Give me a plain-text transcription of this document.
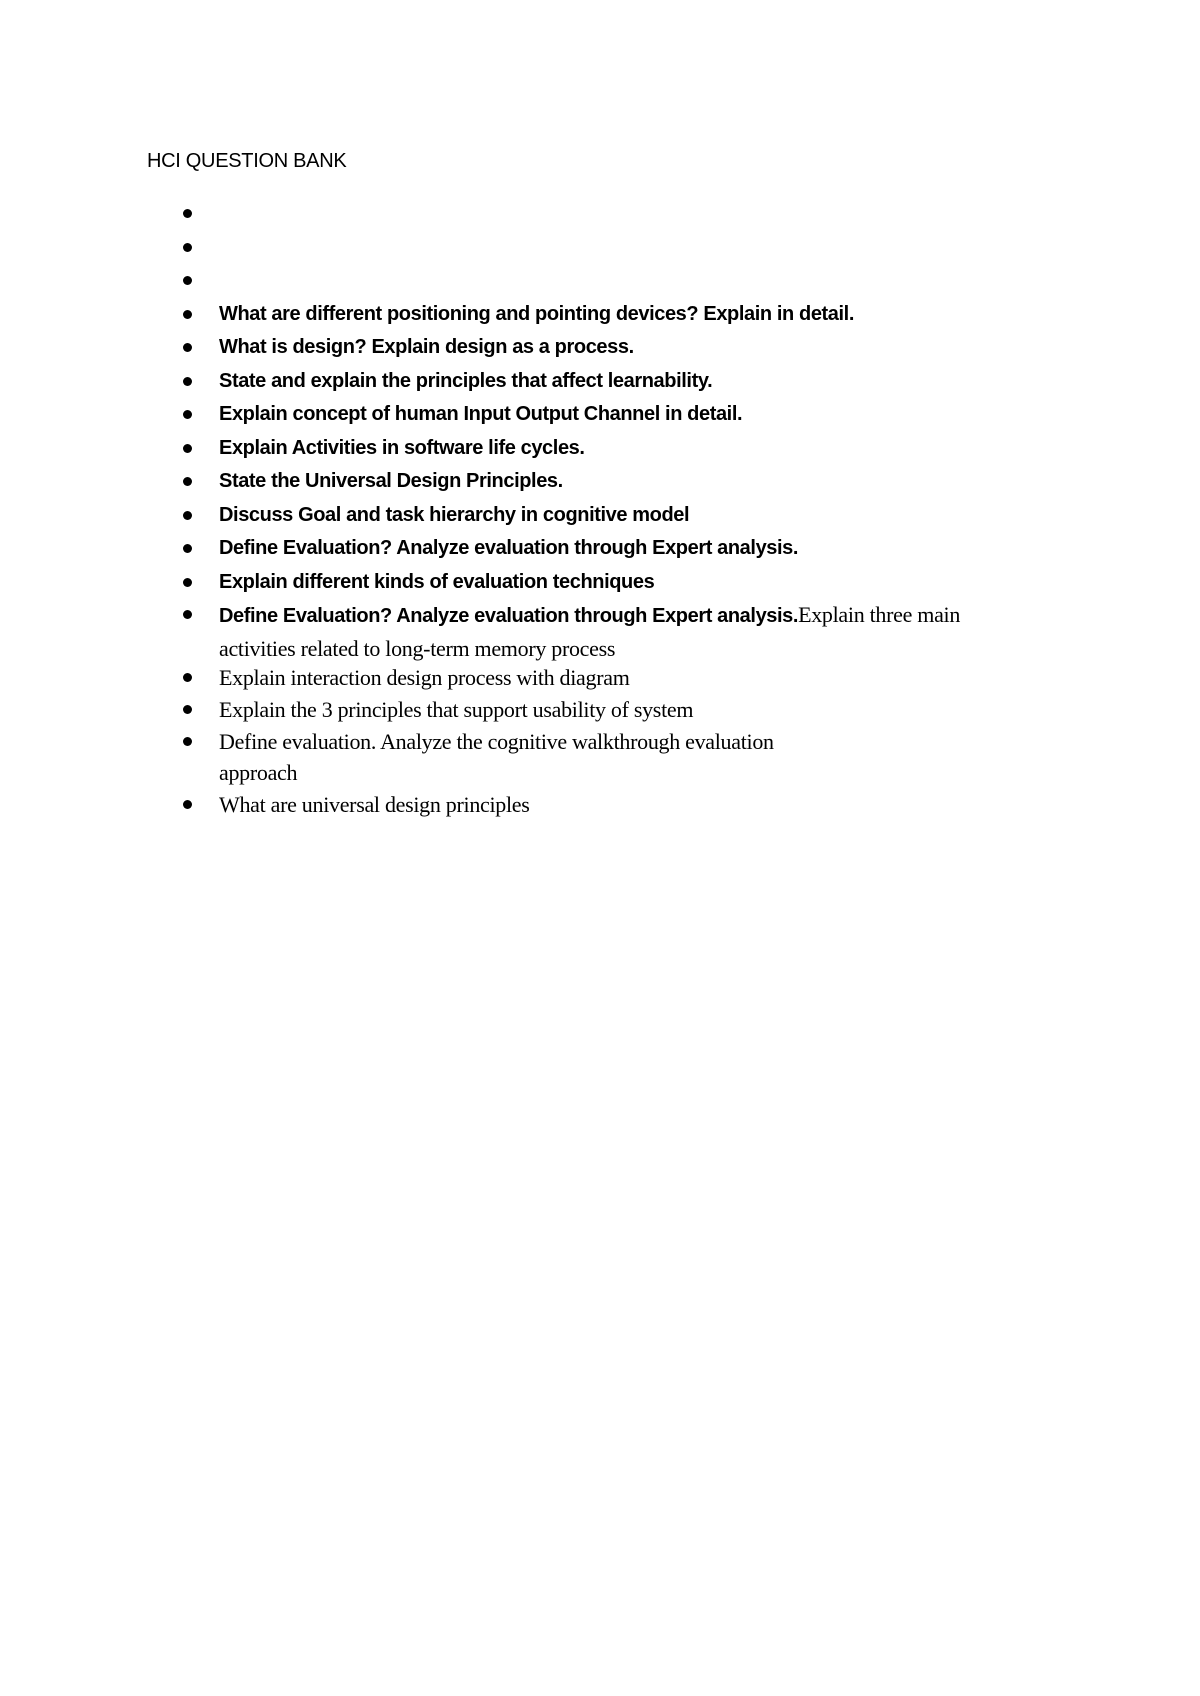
HCI QUESTION BANK
What are different positioning and pointing devices? Explain in detail.
What is design? Explain design as a process.
State and explain the principles that affect learnability.
Explain concept of human Input Output Channel in detail.
Explain Activities in software life cycles.
State the Universal Design Principles.
Discuss Goal and task hierarchy in cognitive model
Define Evaluation? Analyze evaluation through Expert analysis.
Explain different kinds of evaluation techniques
Define Evaluation? Analyze evaluation through Expert analysis.Explain three main
activities related to long-term memory process
Explain interaction design process with diagram
Explain the 3 principles that support usability of system
Define evaluation. Analyze the cognitive walkthrough evaluation
approach
What are universal design principles
